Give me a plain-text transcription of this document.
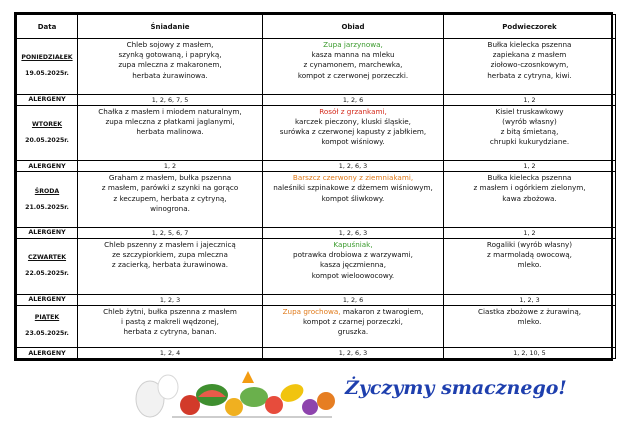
Data	Śniadanie	Obiad	Podwieczorek

PONIEDZIAŁEK

19.05.2025r.	Chleb sojowy z masłem,
szynką gotowaną, i papryką,
zupa mleczna z makaronem,
herbata żurawinowa.	Zupa jarzynowa,
kasza manna na mleku
z cynamonem, marchewka,
kompot z czerwonej porzeczki.	Bułka kielecka pszenna
zapiekana z masłem
ziołowo-czosnkowym,
herbata z cytryna, kiwi.

ALERGENY	1, 2, 6, 7, 5	1, 2, 6	1, 2

WTOREK

20.05.2025r.	Chałka z masłem i miodem naturalnym,
zupa mleczna z płatkami jaglanymi,
herbata malinowa.	Rosół z grzankami,
karczek pieczony, kluski śląskie,
surówka z czerwonej kapusty z jabłkiem,
kompot wiśniowy.	Kisiel truskawkowy
(wyrób własny)
z bitą śmietaną,
chrupki kukurydziane.

ALERGENY	1, 2	1, 2, 6, 3	1, 2

ŚRODA

21.05.2025r.	Graham z masłem, bułka pszenna
z masłem, parówki z szynki na gorąco
z keczupem, herbata z cytryną,
winogrona.	Barszcz czerwony z ziemniakami,
naleśniki szpinakowe z dżemem wiśniowym,
kompot śliwkowy.	Bułka kielecka pszenna
z masłem i ogórkiem zielonym,
kawa zbożowa.

ALERGENY	1, 2, 5, 6, 7	1, 2, 6, 3	1, 2

CZWARTEK

22.05.2025r.	Chleb pszenny z masłem i jajecznicą
ze szczypiorkiem, zupa mleczna
z zacierką, herbata żurawinowa.	Kapuśniak,
potrawka drobiowa z warzywami,
kasza jęczmienna,
kompot wieloowocowy.	Rogaliki (wyrób własny)
z marmoladą owocową,
mleko.

ALERGENY	1, 2, 3	1, 2, 6	1, 2, 3

PIĄTEK

23.05.2025r.	Chleb żytni, bułka pszenna z masłem
i pastą z makreli wędzonej,
herbata z cytryna, banan.	Zupa grochowa, makaron z twarogiem,
kompot z czarnej porzeczki,
gruszka.	Ciastka zbożowe z żurawiną,
mleko.

ALERGENY	1, 2, 4	1, 2, 6, 3	1, 2, 10, 5
Życzymy smacznego!
